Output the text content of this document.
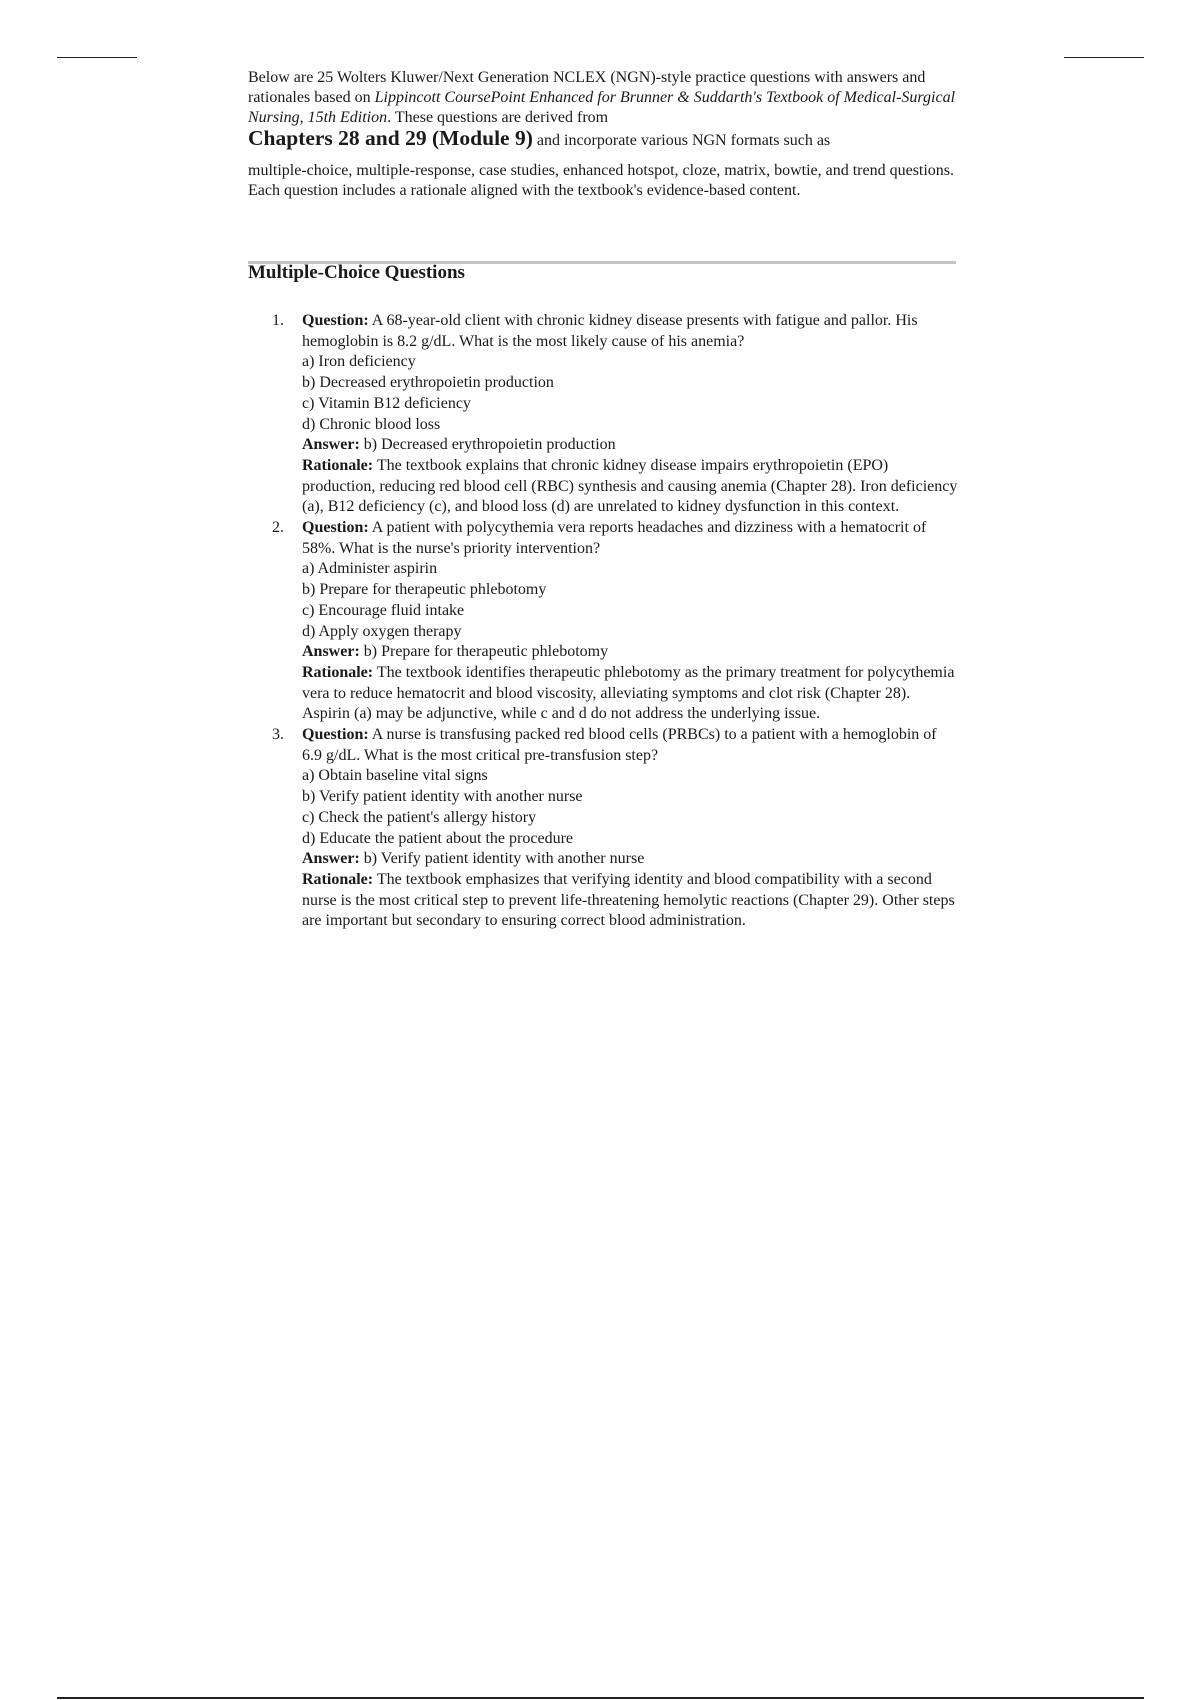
Below are 25 Wolters Kluwer/Next Generation NCLEX (NGN)-style practice questions with answers and rationales based on Lippincott CoursePoint Enhanced for Brunner & Suddarth's Textbook of Medical-Surgical Nursing, 15th Edition. These questions are derived from
Chapters 28 and 29 (Module 9) and incorporate various NGN formats such as
multiple-choice, multiple-response, case studies, enhanced hotspot, cloze, matrix, bowtie, and trend questions. Each question includes a rationale aligned with the textbook's evidence-based content.

Multiple-Choice Questions
1. Question: A 68-year-old client with chronic kidney disease presents with fatigue and pallor. His hemoglobin is 8.2 g/dL. What is the most likely cause of his anemia?
a) Iron deficiency
b) Decreased erythropoietin production
c) Vitamin B12 deficiency
d) Chronic blood loss
Answer: b) Decreased erythropoietin production
Rationale: The textbook explains that chronic kidney disease impairs erythropoietin (EPO) production, reducing red blood cell (RBC) synthesis and causing anemia (Chapter 28). Iron deficiency (a), B12 deficiency (c), and blood loss (d) are unrelated to kidney dysfunction in this context.
2. Question: A patient with polycythemia vera reports headaches and dizziness with a hematocrit of 58%. What is the nurse's priority intervention?
a) Administer aspirin
b) Prepare for therapeutic phlebotomy
c) Encourage fluid intake
d) Apply oxygen therapy
Answer: b) Prepare for therapeutic phlebotomy
Rationale: The textbook identifies therapeutic phlebotomy as the primary treatment for polycythemia vera to reduce hematocrit and blood viscosity, alleviating symptoms and clot risk (Chapter 28). Aspirin (a) may be adjunctive, while c and d do not address the underlying issue.
3. Question: A nurse is transfusing packed red blood cells (PRBCs) to a patient with a hemoglobin of 6.9 g/dL. What is the most critical pre-transfusion step?
a) Obtain baseline vital signs
b) Verify patient identity with another nurse
c) Check the patient's allergy history
d) Educate the patient about the procedure
Answer: b) Verify patient identity with another nurse
Rationale: The textbook emphasizes that verifying identity and blood compatibility with a second nurse is the most critical step to prevent life-threatening hemolytic reactions (Chapter 29). Other steps are important but secondary to ensuring correct blood administration.
